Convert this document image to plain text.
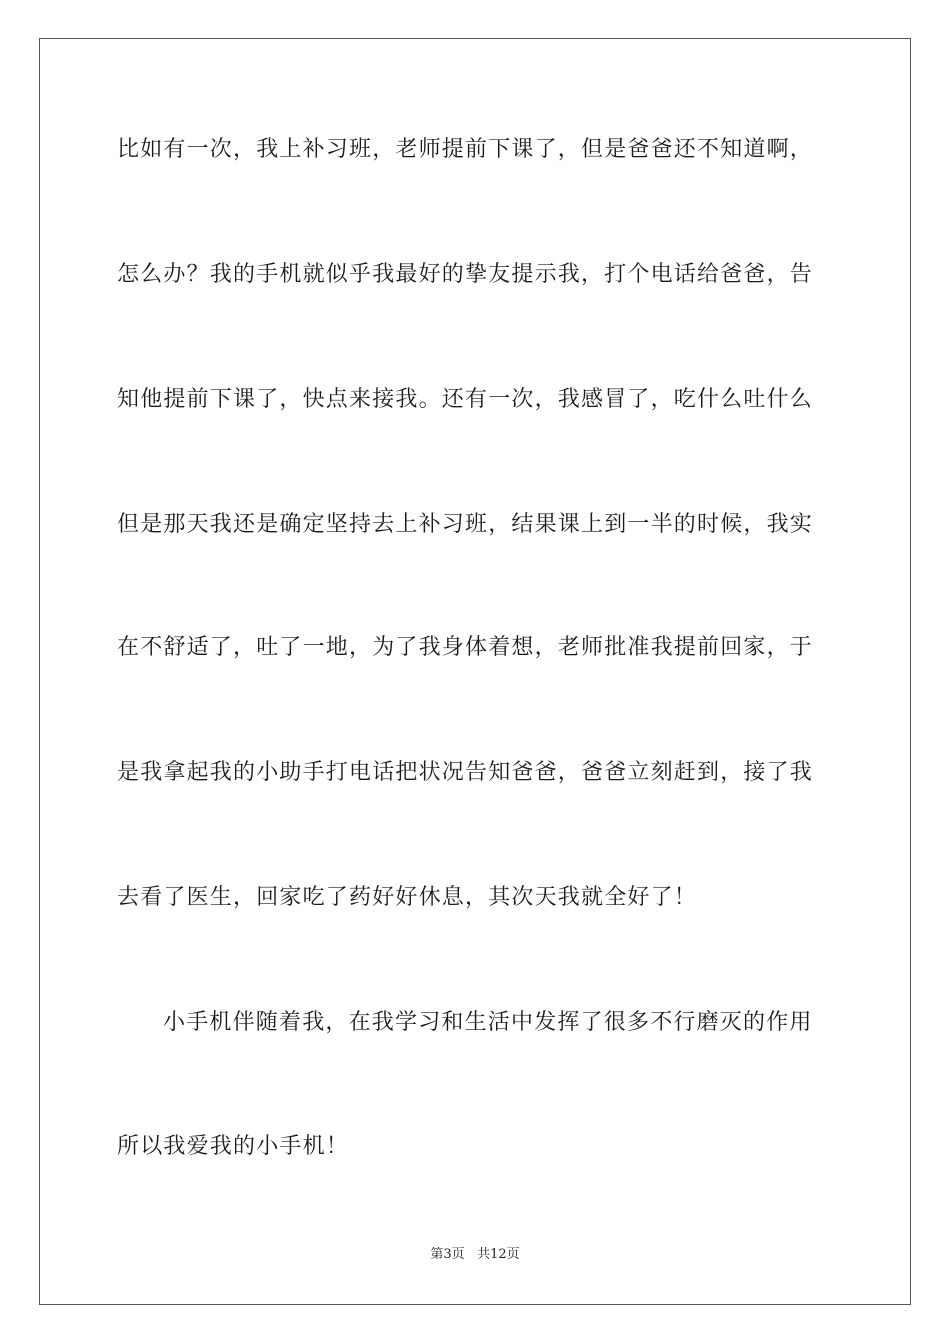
比如有一次，我上补习班，老师提前下课了，但是爸爸还不知道啊，
怎么办？我的手机就似乎我最好的挚友提示我，打个电话给爸爸，告
知他提前下课了，快点来接我。还有一次，我感冒了，吃什么吐什么
但是那天我还是确定坚持去上补习班，结果课上到一半的时候，我实
在不舒适了，吐了一地，为了我身体着想，老师批准我提前回家，于
是我拿起我的小助手打电话把状况告知爸爸，爸爸立刻赶到，接了我
去看了医生，回家吃了药好好休息，其次天我就全好了！
小手机伴随着我，在我学习和生活中发挥了很多不行磨灭的作用
所以我爱我的小手机！
第3页 共12页
